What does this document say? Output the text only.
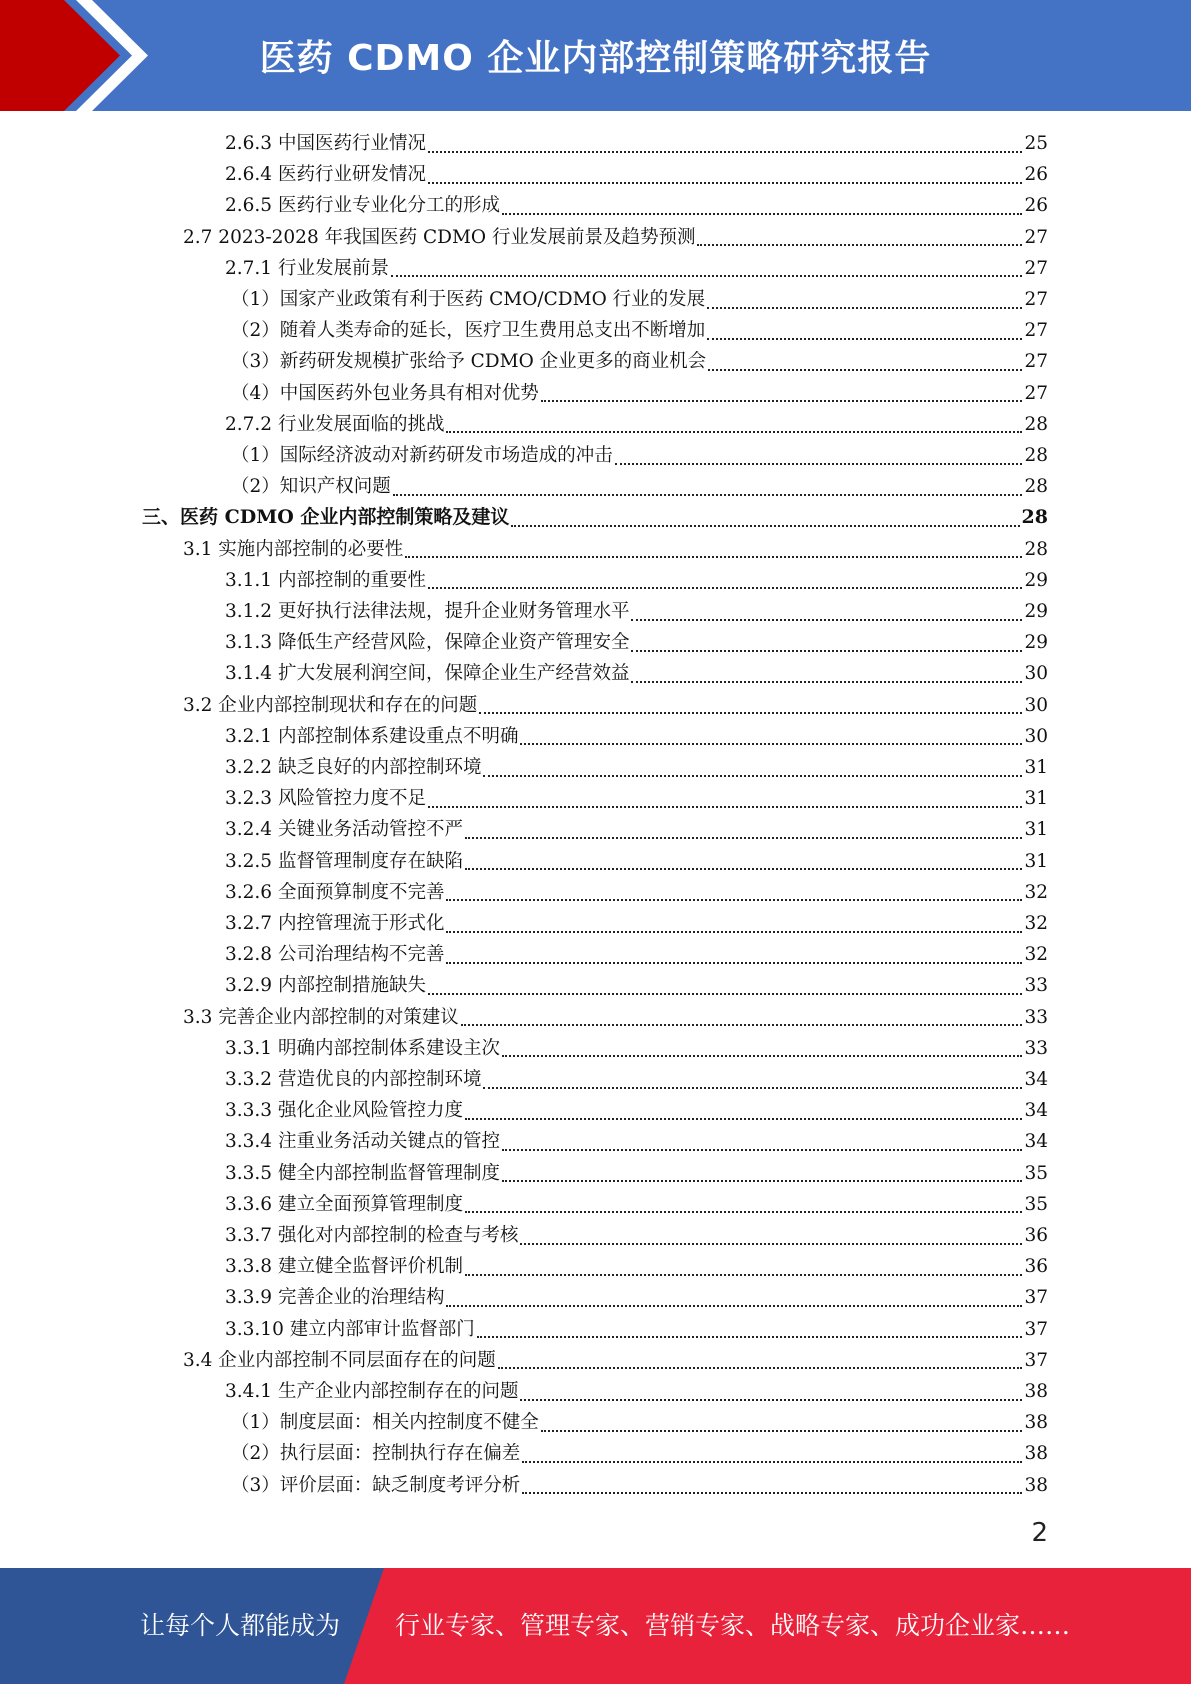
医药 CDMO 企业内部控制策略研究报告
2.6.3 中国医药行业情况	25
2.6.4 医药行业研发情况	26
2.6.5 医药行业专业化分工的形成	26
2.7 2023-2028 年我国医药 CDMO 行业发展前景及趋势预测	27
2.7.1 行业发展前景	27
（1）国家产业政策有利于医药 CMO/CDMO 行业的发展	27
（2）随着人类寿命的延长，医疗卫生费用总支出不断增加	27
（3）新药研发规模扩张给予 CDMO 企业更多的商业机会	27
（4）中国医药外包业务具有相对优势	27
2.7.2 行业发展面临的挑战	28
（1）国际经济波动对新药研发市场造成的冲击	28
（2）知识产权问题	28
三、医药 CDMO 企业内部控制策略及建议	28
3.1 实施内部控制的必要性	28
3.1.1 内部控制的重要性	29
3.1.2 更好执行法律法规，提升企业财务管理水平	29
3.1.3 降低生产经营风险，保障企业资产管理安全	29
3.1.4 扩大发展利润空间，保障企业生产经营效益	30
3.2 企业内部控制现状和存在的问题	30
3.2.1 内部控制体系建设重点不明确	30
3.2.2 缺乏良好的内部控制环境	31
3.2.3 风险管控力度不足	31
3.2.4 关键业务活动管控不严	31
3.2.5 监督管理制度存在缺陷	31
3.2.6 全面预算制度不完善	32
3.2.7 内控管理流于形式化	32
3.2.8 公司治理结构不完善	32
3.2.9 内部控制措施缺失	33
3.3 完善企业内部控制的对策建议	33
3.3.1 明确内部控制体系建设主次	33
3.3.2 营造优良的内部控制环境	34
3.3.3 强化企业风险管控力度	34
3.3.4 注重业务活动关键点的管控	34
3.3.5 健全内部控制监督管理制度	35
3.3.6 建立全面预算管理制度	35
3.3.7 强化对内部控制的检查与考核	36
3.3.8 建立健全监督评价机制	36
3.3.9 完善企业的治理结构	37
3.3.10 建立内部审计监督部门	37
3.4 企业内部控制不同层面存在的问题	37
3.4.1 生产企业内部控制存在的问题	38
（1）制度层面：相关内控制度不健全	38
（2）执行层面：控制执行存在偏差	38
（3）评价层面：缺乏制度考评分析	38
2
让每个人都能成为 行业专家、管理专家、营销专家、战略专家、成功企业家……
